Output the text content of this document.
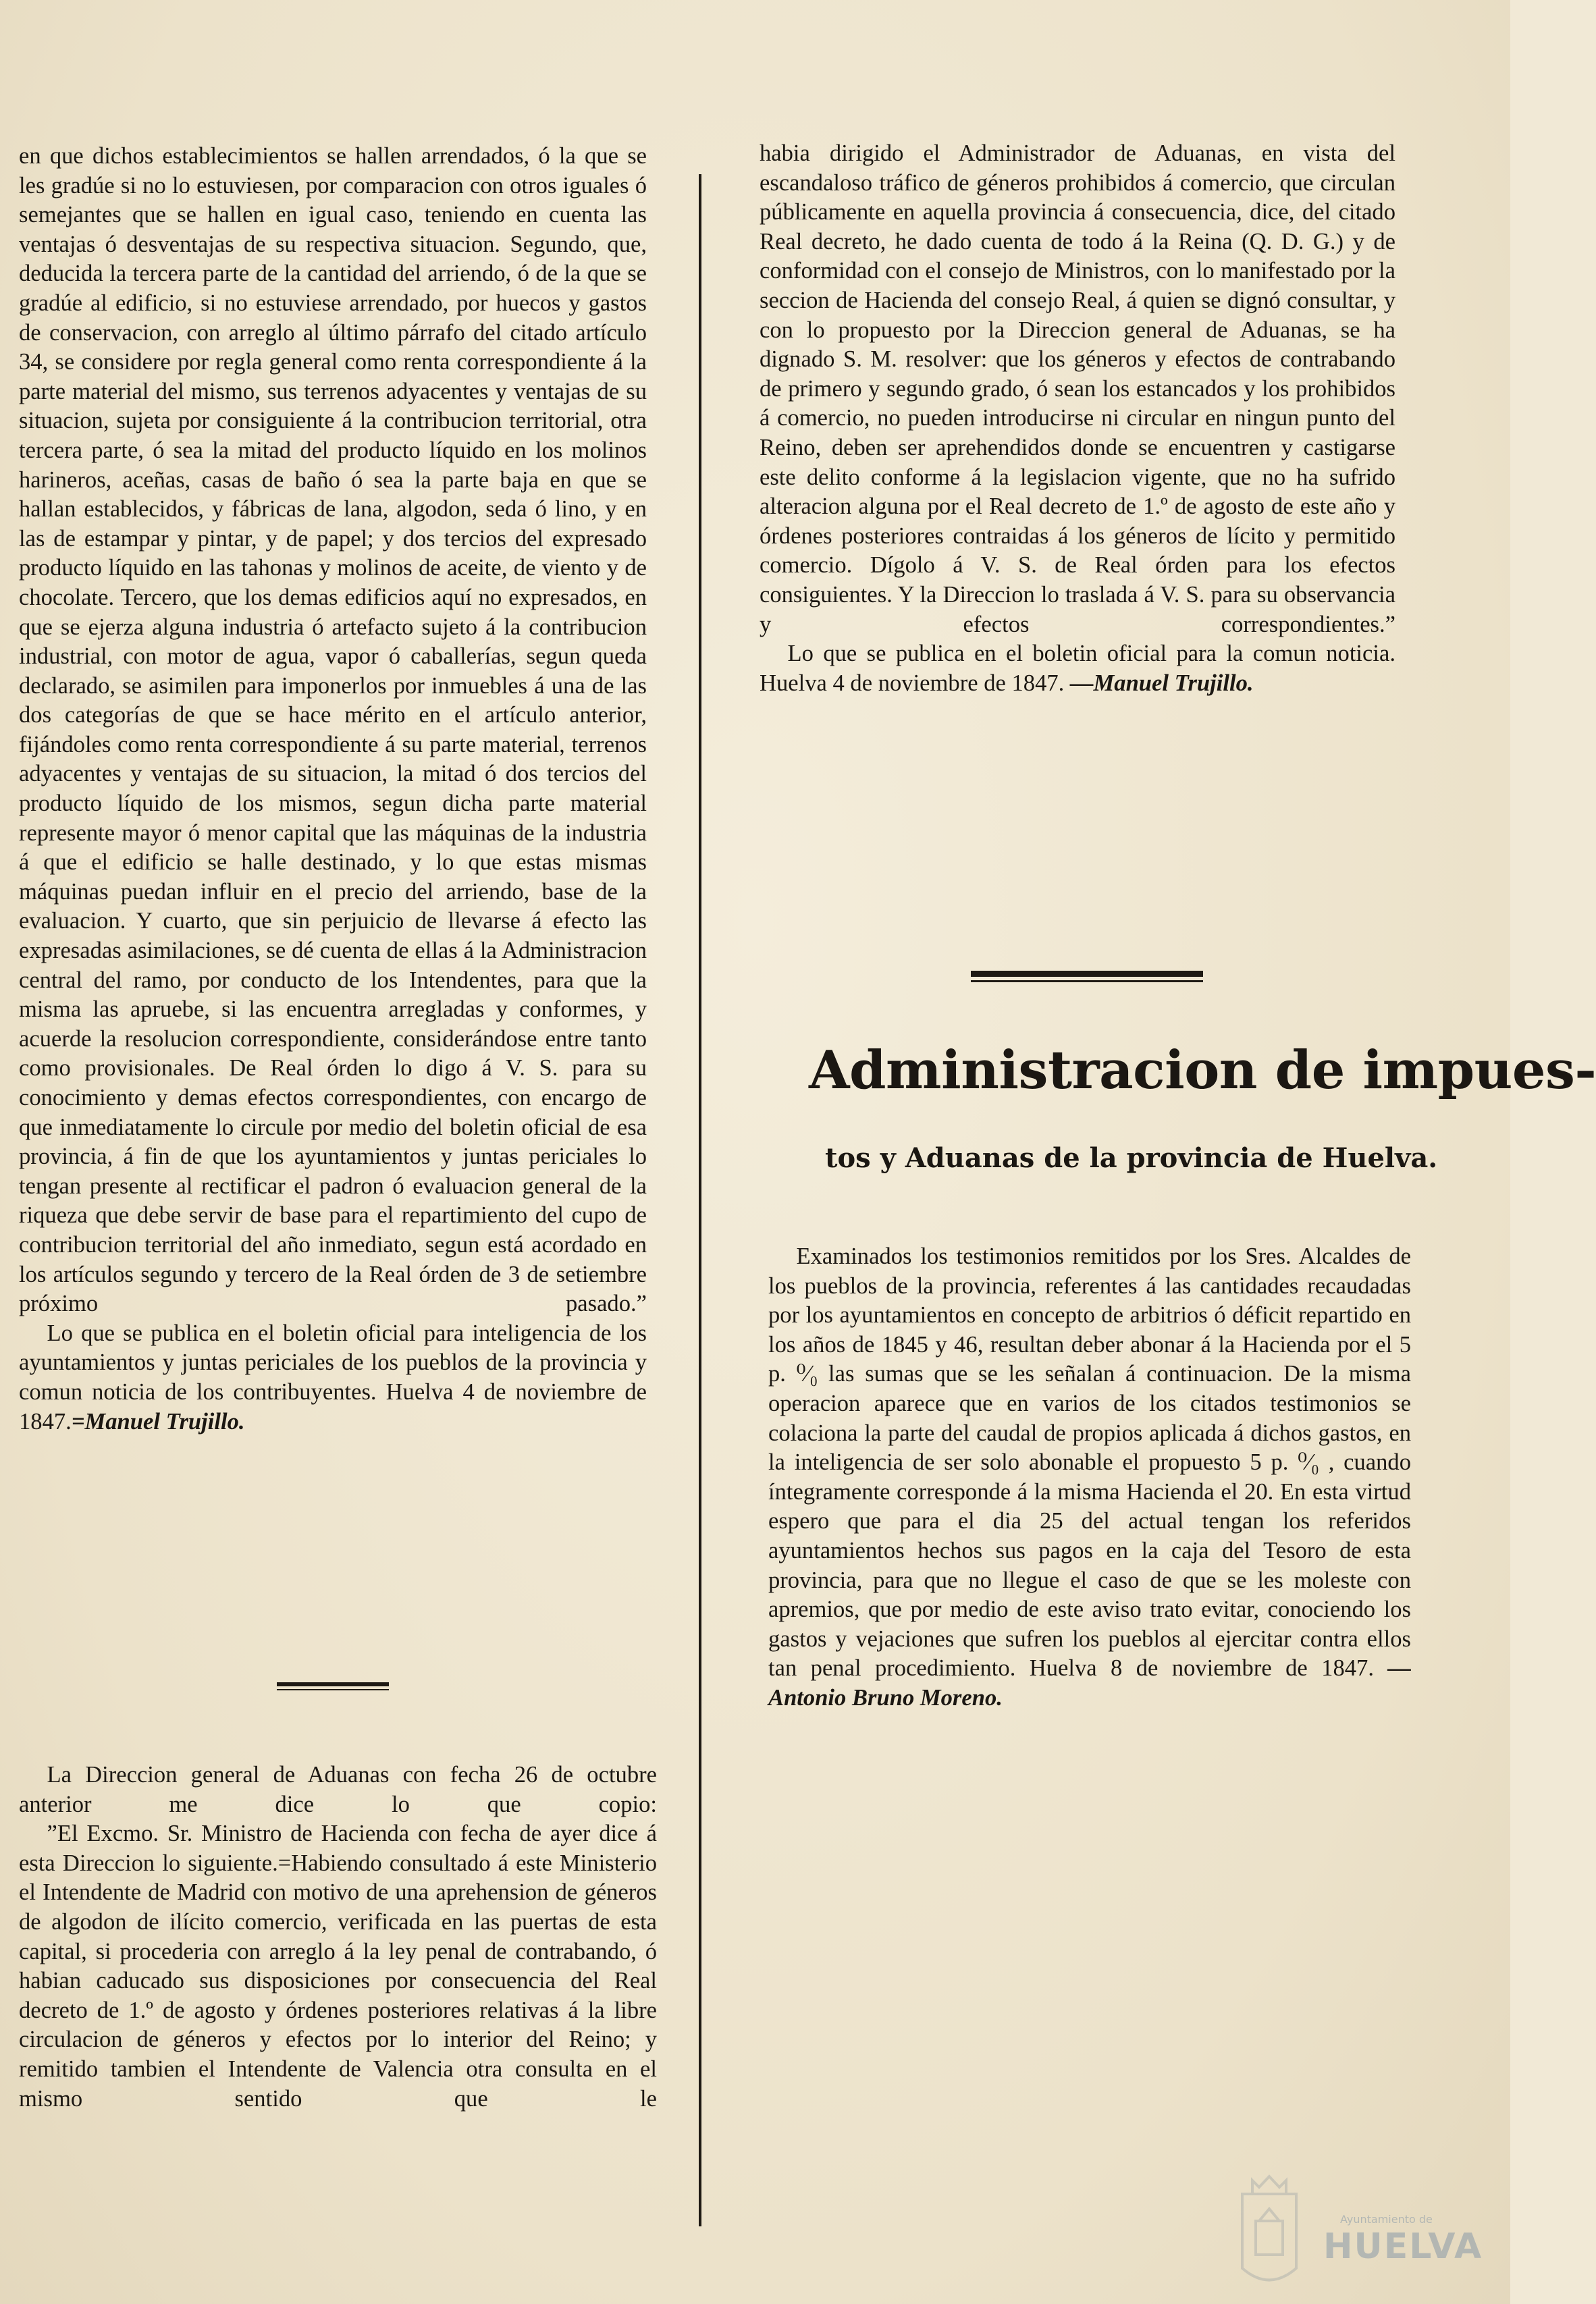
en que dichos establecimientos se hallen arrendados, ó la que se les gradúe si no lo estuviesen, por comparacion con otros iguales ó semejantes que se hallen en igual caso, teniendo en cuenta las ventajas ó desventajas de su respectiva situacion. Segundo, que, deducida la tercera parte de la cantidad del arriendo, ó de la que se gradúe al edificio, si no estuviese arrendado, por huecos y gastos de conservacion, con arreglo al último párrafo del citado artículo 34, se considere por regla general como renta correspondiente á la parte material del mismo, sus terrenos adyacentes y ventajas de su situacion, sujeta por consiguiente á la contribucion territorial, otra tercera parte, ó sea la mitad del producto líquido en los molinos harineros, aceñas, casas de baño ó sea la parte baja en que se hallan establecidos, y fábricas de lana, algodon, seda ó lino, y en las de estampar y pintar, y de papel; y dos tercios del expresado producto líquido en las tahonas y molinos de aceite, de viento y de chocolate. Tercero, que los demas edificios aquí no expresados, en que se ejerza alguna industria ó artefacto sujeto á la contribucion industrial, con motor de agua, vapor ó caballerías, segun queda declarado, se asimilen para imponerlos por inmuebles á una de las dos categorías de que se hace mérito en el artículo anterior, fijándoles como renta correspondiente á su parte material, terrenos adyacentes y ventajas de su situacion, la mitad ó dos tercios del producto líquido de los mismos, segun dicha parte material represente mayor ó menor capital que las máquinas de la industria á que el edificio se halle destinado, y lo que estas mismas máquinas puedan influir en el precio del arriendo, base de la evaluacion. Y cuarto, que sin perjuicio de llevarse á efecto las expresadas asimilaciones, se dé cuenta de ellas á la Administracion central del ramo, por conducto de los Intendentes, para que la misma las apruebe, si las encuentra arregladas y conformes, y acuerde la resolucion correspondiente, considerándose entre tanto como provisionales. De Real órden lo digo á V. S. para su conocimiento y demas efectos correspondientes, con encargo de que inmediatamente lo circule por medio del boletin oficial de esa provincia, á fin de que los ayuntamientos y juntas periciales lo tengan presente al rectificar el padron ó evaluacion general de la riqueza que debe servir de base para el repartimiento del cupo de contribucion territorial del año inmediato, segun está acordado en los artículos segundo y tercero de la Real órden de 3 de setiembre próximo pasado.”

Lo que se publica en el boletin oficial para inteligencia de los ayuntamientos y juntas periciales de los pueblos de la provincia y comun noticia de los contribuyentes. Huelva 4 de noviembre de 1847.=Manuel Trujillo.

La Direccion general de Aduanas con fecha 26 de octubre anterior me dice lo que copio:

”El Excmo. Sr. Ministro de Hacienda con fecha de ayer dice á esta Direccion lo siguiente.=Habiendo consultado á este Ministerio el Intendente de Madrid con motivo de una aprehension de géneros de algodon de ilícito comercio, verificada en las puertas de esta capital, si procederia con arreglo á la ley penal de contrabando, ó habian caducado sus disposiciones por consecuencia del Real decreto de 1.º de agosto y órdenes posteriores relativas á la libre circulacion de géneros y efectos por lo interior del Reino; y remitido tambien el Intendente de Valencia otra consulta en el mismo sentido que le

habia dirigido el Administrador de Aduanas, en vista del escandaloso tráfico de géneros prohibidos á comercio, que circulan públicamente en aquella provincia á consecuencia, dice, del citado Real decreto, he dado cuenta de todo á la Reina (Q. D. G.) y de conformidad con el consejo de Ministros, con lo manifestado por la seccion de Hacienda del consejo Real, á quien se dignó consultar, y con lo propuesto por la Direccion general de Aduanas, se ha dignado S. M. resolver: que los géneros y efectos de contrabando de primero y segundo grado, ó sean los estancados y los prohibidos á comercio, no pueden introducirse ni circular en ningun punto del Reino, deben ser aprehendidos donde se encuentren y castigarse este delito conforme á la legislacion vigente, que no ha sufrido alteracion alguna por el Real decreto de 1.º de agosto de este año y órdenes posteriores contraidas á los géneros de lícito y permitido comercio. Dígolo á V. S. de Real órden para los efectos consiguientes. Y la Direccion lo traslada á V. S. para su observancia y efectos correspondientes.”

Lo que se publica en el boletin oficial para la comun noticia. Huelva 4 de noviembre de 1847. —Manuel Trujillo.

Administracion de impues-
tos y Aduanas de la provincia de Huelva.

Examinados los testimonios remitidos por los Sres. Alcaldes de los pueblos de la provincia, referentes á las cantidades recaudadas por los ayuntamientos en concepto de arbitrios ó déficit repartido en los años de 1845 y 46, resultan deber abonar á la Hacienda por el 5 p. ⁰⁄₀ las sumas que se les señalan á continuacion. De la misma operacion aparece que en varios de los citados testimonios se colaciona la parte del caudal de propios aplicada á dichos gastos, en la inteligencia de ser solo abonable el propuesto 5 p. ⁰⁄₀ , cuando íntegramente corresponde á la misma Hacienda el 20. En esta virtud espero que para el dia 25 del actual tengan los referidos ayuntamientos hechos sus pagos en la caja del Tesoro de esta provincia, para que no llegue el caso de que se les moleste con apremios, que por medio de este aviso trato evitar, conociendo los gastos y vejaciones que sufren los pueblos al ejercitar contra ellos tan penal procedimiento. Huelva 8 de noviembre de 1847. —Antonio Bruno Moreno.

Ayuntamiento de
HUELVA
